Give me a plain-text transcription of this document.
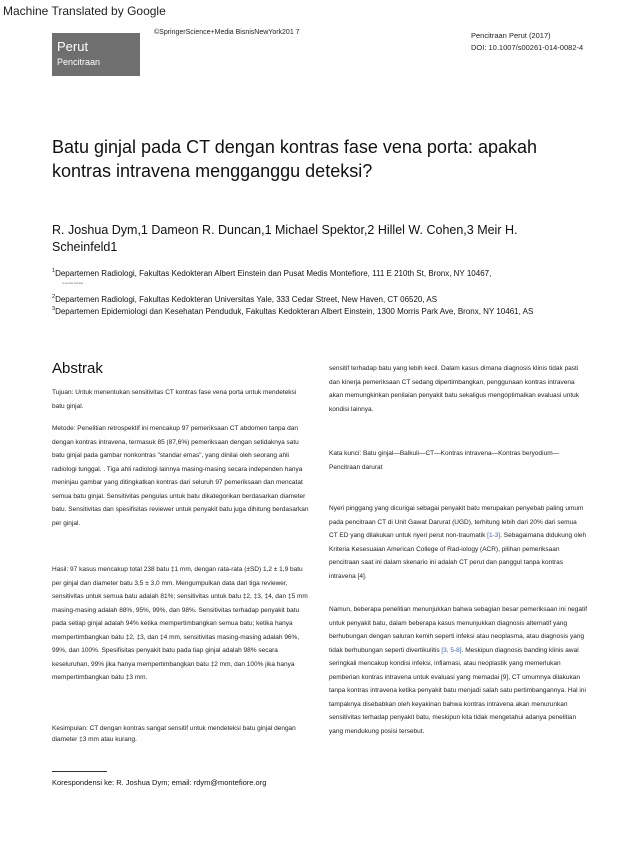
Machine Translated by Google
Perut
Pencitraan
©SpringerScience+Media BisnisNewYork201 7	Pencitraan Perut (2017)
DOI: 10.1007/s00261-014-0082-4
Batu ginjal pada CT dengan kontras fase vena porta: apakah kontras intravena mengganggu deteksi?
R. Joshua Dym,1 Dameon R. Duncan,1 Michael Spektor,2 Hillel W. Cohen,3 Meir H. Scheinfeld1
$^1$Departemen Radiologi, Fakultas Kedokteran Albert Einstein dan Pusat Medis Montefiore, 111 E 210th St, Bronx, NY 10467,
Amerika Serikat
$^2$Departemen Radiologi, Fakultas Kedokteran Universitas Yale, 333 Cedar Street, New Haven, CT 06520, AS
$^3$Departemen Epidemiologi dan Kesehatan Penduduk, Fakultas Kedokteran Albert Einstein, 1300 Morris Park Ave, Bronx, NY 10461, AS
Abstrak
Tujuan: Untuk menentukan sensitivitas CT kontras fase vena porta untuk mendeteksi batu ginjal.
Metode: Penelitian retrospektif ini mencakup 97 pemeriksaan CT abdomen tanpa dan dengan kontras intravena, termasuk 85 (87,6%) pemeriksaan dengan setidaknya satu batu ginjal pada gambar nonkontras "standar emas", yang dinilai oleh seorang ahli radiologi tunggal. . Tiga ahli radiologi lainnya masing-masing secara independen hanya meninjau gambar yang ditingkatkan kontras dari seluruh 97 pemeriksaan dan mencatat semua batu ginjal. Sensitivitas pengulas untuk batu dikategorikan berdasarkan diameter batu. Sensitivitas dan spesifisitas reviewer untuk penyakit batu juga dihitung berdasarkan per ginjal.
Hasil: 97 kasus mencakup total 238 batu ‡1 mm, dengan rata-rata (±SD) 1,2 ± 1,9 batu per ginjal dan diameter batu 3,5 ± 3,0 mm. Mengumpulkan data dari tiga reviewer, sensitivitas untuk semua batu adalah 81%; sensitivitas untuk batu ‡2, ‡3, ‡4, dan ‡5 mm masing-masing adalah 88%, 95%, 99%, dan 98%. Sensitivitas terhadap penyakit batu pada setiap ginjal adalah 94% ketika mempertimbangkan semua batu; ketika hanya mempertimbangkan batu ‡2, ‡3, dan ‡4 mm, sensitivitas masing-masing adalah 96%, 99%, dan 100%. Spesifisitas penyakit batu pada tiap ginjal adalah 98% secara keseluruhan, 99% jika hanya mempertimbangkan batu ‡2 mm, dan 100% jika hanya mempertimbangkan batu ‡3 mm.
Kesimpulan: CT dengan kontras sangat sensitif untuk mendeteksi batu ginjal dengan diameter ‡3 mm atau kurang.
sensitif terhadap batu yang lebih kecil. Dalam kasus dimana diagnosis klinis tidak pasti dan kinerja pemeriksaan CT sedang dipertimbangkan, penggunaan kontras intravena akan memungkinkan penilaian penyakit batu sekaligus mengoptimalkan evaluasi untuk kondisi lainnya.
Kata kunci: Batu ginjal—Balkuli—CT—Kontras intravena—Kontras beryodium—Pencitraan darurat
Nyeri pinggang yang dicurigai sebagai penyakit batu merupakan penyebab paling umum pada pencitraan CT di Unit Gawat Darurat (UGD), terhitung lebih dari 20% dari semua CT ED yang dilakukan untuk nyeri perut non-traumatik [1-3]. Sebagaimana didukung oleh Kriteria Kesesuaian American College of Rad-iology (ACR), pilihan pemeriksaan pencitraan saat ini dalam skenario ini adalah CT perut dan panggul tanpa kontras intravena [4].
Namun, beberapa penelitian menunjukkan bahwa sebagian besar pemeriksaan ini negatif untuk penyakit batu, dalam beberapa kasus menunjukkan diagnosis alternatif yang berhubungan dengan saluran kemih seperti infeksi atau neoplasma, atau diagnosis yang tidak berhubungan seperti divertikulitis [3, 5-8]. Meskipun diagnosis banding klinis awal seringkali mencakup kondisi infeksi, inflamasi, atau neoplastik yang memerlukan pemberian kontras intravena untuk evaluasi yang memadai [9], CT umumnya dilakukan tanpa kontras intravena ketika penyakit batu menjadi salah satu pertimbangannya. Hal ini tampaknya disebabkan oleh keyakinan bahwa kontras intravena akan menurunkan sensitivitas terhadap penyakit batu, meskipun kita tidak mengetahui adanya penelitian yang mendukung posisi tersebut.
Korespondensi ke: R. Joshua Dym; email: rdym@montefiore.org
